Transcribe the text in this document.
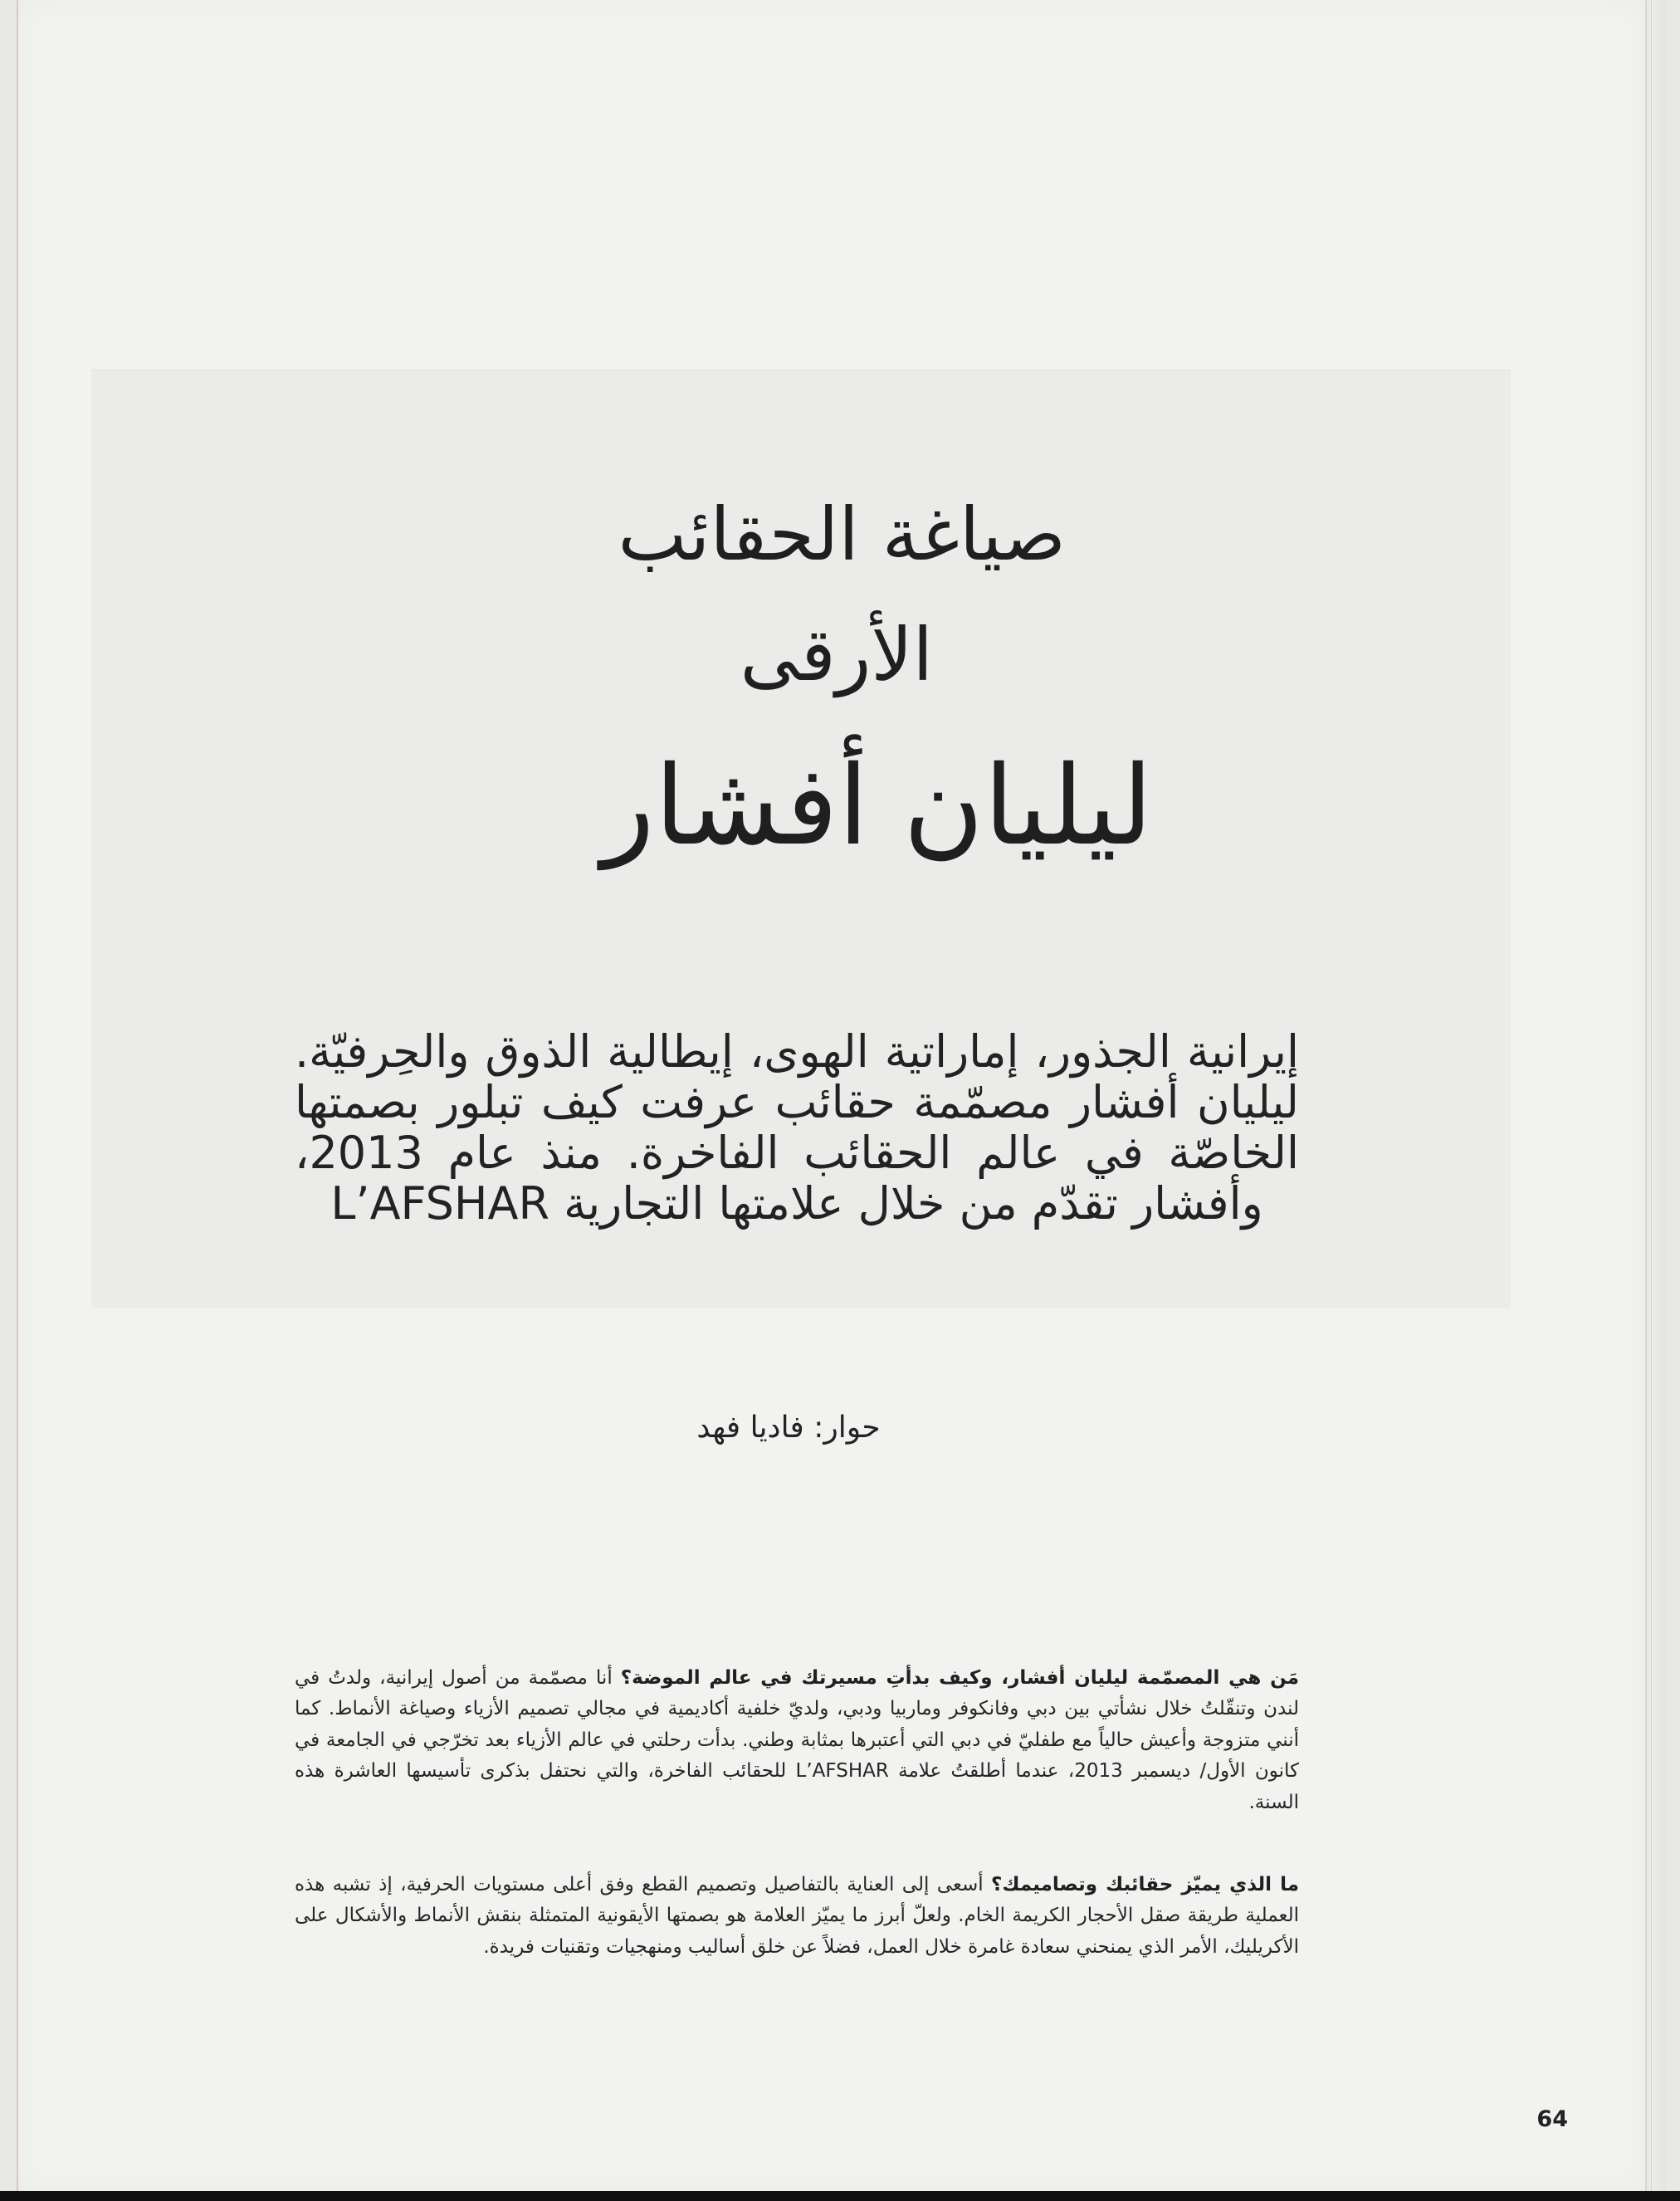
صياغة الحقائب
الأرقى
ليليان أفشار
إيرانية الجذور، إماراتية الهوى، إيطالية الذوق والحِرفيّة. ليليان أفشار مصمّمة حقائب عرفت كيف تبلور بصمتها الخاصّة في عالم الحقائب الفاخرة. منذ عام 2013، وأفشار تقدّم من خلال علامتها التجارية L’AFSHAR
حوار: فاديا فهد
مَن هي المصمّمة ليليان أفشار، وكيف بدأتِ مسيرتك في عالم الموضة؟ أنا مصمّمة من أصول إيرانية، ولدتُ في لندن وتنقّلتُ خلال نشأتي بين دبي وفانكوفر وماربيا ودبي، ولديّ خلفية أكاديمية في مجالي تصميم الأزياء وصياغة الأنماط. كما أنني متزوجة وأعيش حالياً مع طفليّ في دبي التي أعتبرها بمثابة وطني. بدأت رحلتي في عالم الأزياء بعد تخرّجي في الجامعة في كانون الأول/ ديسمبر 2013، عندما أطلقتُ علامة L’AFSHAR للحقائب الفاخرة، والتي نحتفل بذكرى تأسيسها العاشرة هذه السنة.
ما الذي يميّز حقائبك وتصاميمك؟ أسعى إلى العناية بالتفاصيل وتصميم القطع وفق أعلى مستويات الحرفية، إذ تشبه هذه العملية طريقة صقل الأحجار الكريمة الخام. ولعلّ أبرز ما يميّز العلامة هو بصمتها الأيقونية المتمثلة بنقش الأنماط والأشكال على الأكريليك، الأمر الذي يمنحني سعادة غامرة خلال العمل، فضلاً عن خلق أساليب ومنهجيات وتقنيات فريدة.
64
